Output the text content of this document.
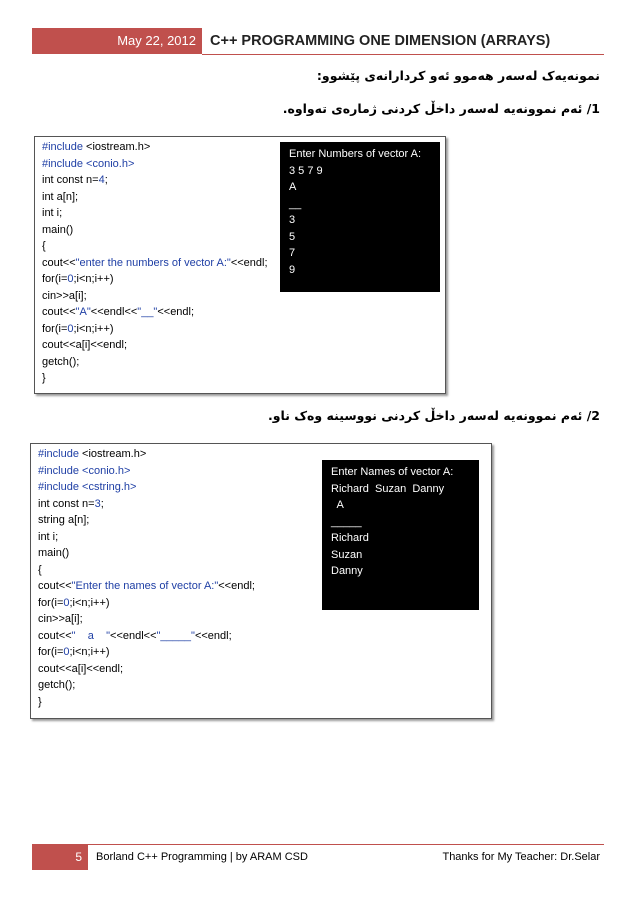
May 22, 2012 C++ PROGRAMMING ONE DIMENSION (ARRAYS)
نمونەیەک لەسەر هەموو ئەو کردارانەی پێشوو:
1/ ئەم نموونەیە لەسەر داخڵ کردنی ژمارەی تەواوە.
#include <iostream.h>
#include <conio.h>
int const n=4;
int a[n];
int i;
main()
{
cout<<"enter the numbers of vector A:"<<endl;
for(i=0;i<n;i++)
cin>>a[i];
cout<<"A"<<endl<<"__"<<endl;
for(i=0;i<n;i++)
cout<<a[i]<<endl;
getch();
}
Enter Numbers of vector A:
3 5 7 9
A
__
3
5
7
9
2/ ئەم نموونەیە لەسەر داخڵ کردنی نووسینە وەک ناو.
#include <iostream.h>
#include <conio.h>
#include <cstring.h>
int const n=3;
string a[n];
int i;
main()
{
cout<<"Enter the names of vector A:"<<endl;
for(i=0;i<n;i++)
cin>>a[i];
cout<<"    a    "<<endl<<"_____"<<endl;
for(i=0;i<n;i++)
cout<<a[i]<<endl;
getch();
}
Enter Names of vector A:
Richard  Suzan  Danny
A
_____
Richard
Suzan
Danny
5	Borland C++ Programming | by ARAM CSD	Thanks for My Teacher: Dr.Selar
